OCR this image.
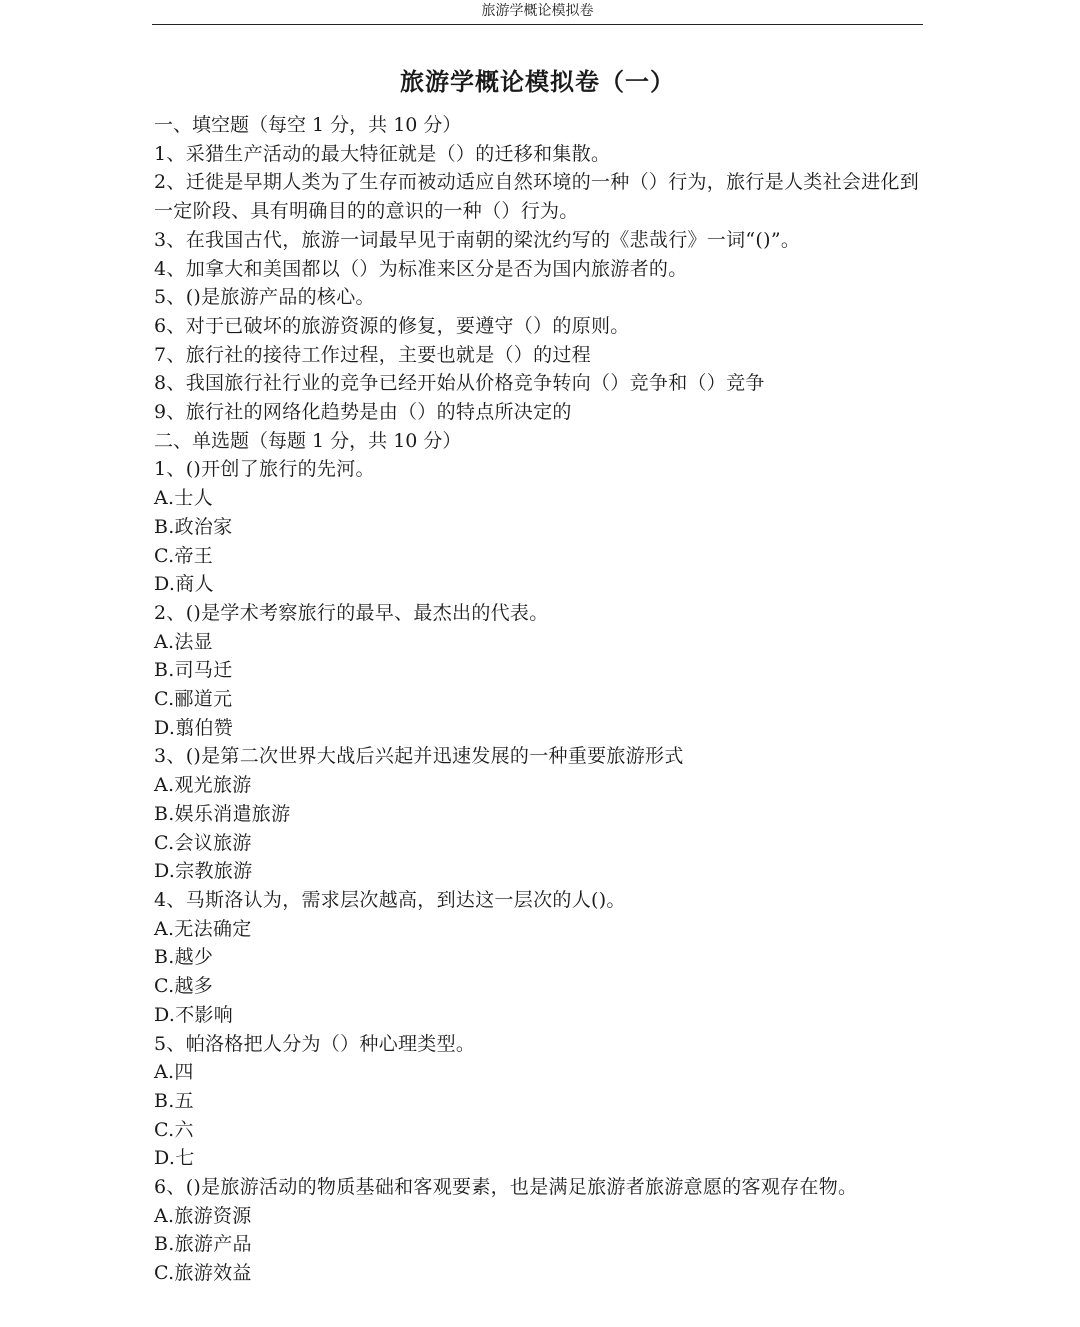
旅游学概论模拟卷
旅游学概论模拟卷（一）
一、填空题（每空 1 分，共 10 分）
1、采猎生产活动的最大特征就是（）的迁移和集散。
2、迁徙是早期人类为了生存而被动适应自然环境的一种（）行为，旅行是人类社会进化到一定阶段、具有明确目的的意识的一种（）行为。
3、在我国古代，旅游一词最早见于南朝的梁沈约写的《悲哉行》一词“()”。
4、加拿大和美国都以（）为标准来区分是否为国内旅游者的。
5、()是旅游产品的核心。
6、对于已破坏的旅游资源的修复，要遵守（）的原则。
7、旅行社的接待工作过程，主要也就是（）的过程
8、我国旅行社行业的竞争已经开始从价格竞争转向（）竞争和（）竞争
9、旅行社的网络化趋势是由（）的特点所决定的
二、单选题（每题 1 分，共 10 分）
1、()开创了旅行的先河。
A.士人
B.政治家
C.帝王
D.商人
2、()是学术考察旅行的最早、最杰出的代表。
A.法显
B.司马迁
C.郦道元
D.翦伯赞
3、()是第二次世界大战后兴起并迅速发展的一种重要旅游形式
A.观光旅游
B.娱乐消遣旅游
C.会议旅游
D.宗教旅游
4、马斯洛认为，需求层次越高，到达这一层次的人()。
A.无法确定
B.越少
C.越多
D.不影响
5、帕洛格把人分为（）种心理类型。
A.四
B.五
C.六
D.七
6、()是旅游活动的物质基础和客观要素，也是满足旅游者旅游意愿的客观存在物。
A.旅游资源
B.旅游产品
C.旅游效益
